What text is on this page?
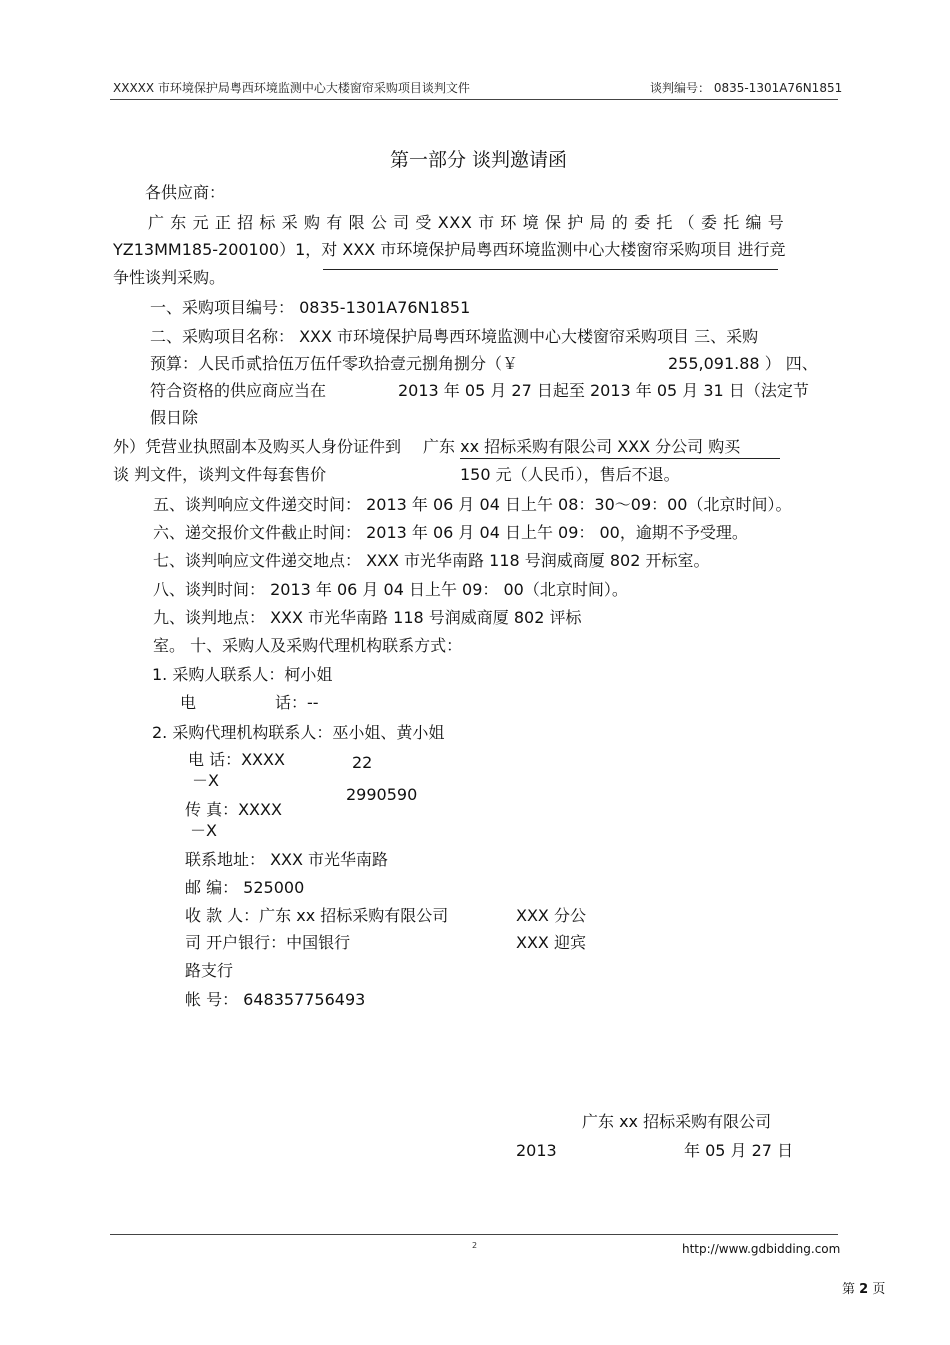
XXXXX 市环境保护局粤西环境监测中心大楼窗帘采购项目谈判文件	谈判编号： 0835-1301A76N1851
第一部分 谈判邀请函
各供应商：
广 东 元 正 招 标 采 购 有 限 公 司 受 XXX 市 环 境 保 护 局 的 委 托 （ 委 托 编 号
YZ13MM185-200100）1，对 XXX 市环境保护局粤西环境监测中心大楼窗帘采购项目 进行竞
争性谈判采购。
一、采购项目编号： 0835-1301A76N1851
二、采购项目名称： XXX 市环境保护局粤西环境监测中心大楼窗帘采购项目 三、采购
预算：人民币贰拾伍万伍仟零玖拾壹元捌角捌分（￥	255,091.88 ） 四、
符合资格的供应商应当在	2013 年 05 月 27 日起至 2013 年 05 月 31 日（法定节
假日除
外）凭营业执照副本及购买人身份证件到 广东 xx 招标采购有限公司 XXX 分公司 购买
谈 判文件，谈判文件每套售价	150 元（人民币），售后不退。
五、谈判响应文件递交时间： 2013 年 06 月 04 日上午 08：30～09：00（北京时间）。
六、递交报价文件截止时间： 2013 年 06 月 04 日上午 09： 00，逾期不予受理。
七、谈判响应文件递交地点： XXX 市光华南路 118 号润威商厦 802 开标室。
八、谈判时间： 2013 年 06 月 04 日上午 09： 00（北京时间）。
九、谈判地点： XXX 市光华南路 118 号润威商厦 802 评标
室。 十、采购人及采购代理机构联系方式：
1. 采购人联系人：柯小姐
电	话：--
2. 采购代理机构联系人：巫小姐、黄小姐
电 话：XXXX	22
－X
2990590
传 真：XXXX
－X
联系地址： XXX 市光华南路
邮 编： 525000
收 款 人：广东 xx 招标采购有限公司	XXX 分公
司 开户银行：中国银行	XXX 迎宾
路支行
帐 号： 648357756493
广东 xx 招标采购有限公司
2013	年 05 月 27 日
2	http://www.gdbidding.com
第 2 页
